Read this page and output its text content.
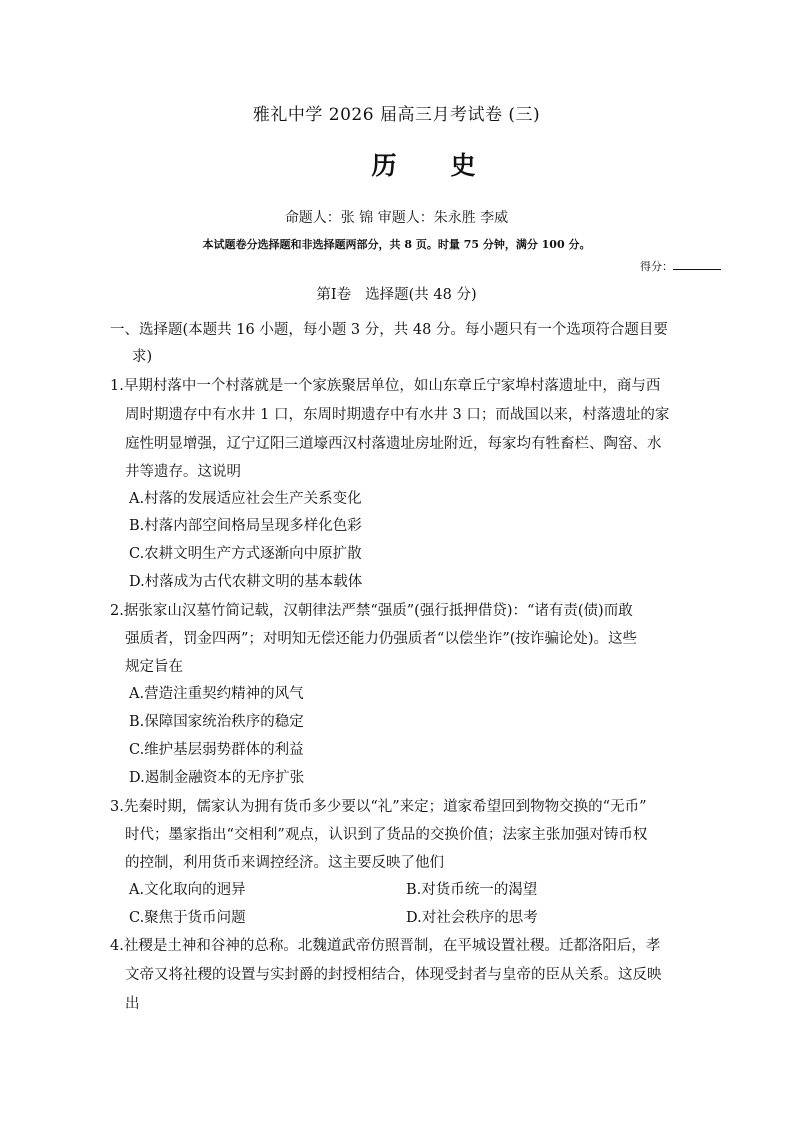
雅礼中学 2026 届高三月考试卷 (三)
历史
命题人：张 锦 审题人：朱永胜 李威
本试题卷分选择题和非选择题两部分，共 8 页。时量 75 分钟，满分 100 分。
得分：
第Ⅰ卷 选择题(共 48 分)
一、选择题(本题共 16 小题，每小题 3 分，共 48 分。每小题只有一个选项符合题目要
求)
1.早期村落中一个村落就是一个家族聚居单位，如山东章丘宁家埠村落遗址中，商与西
周时期遗存中有水井 1 口，东周时期遗存中有水井 3 口；而战国以来，村落遗址的家
庭性明显增强，辽宁辽阳三道壕西汉村落遗址房址附近，每家均有牲畜栏、陶窑、水
井等遗存。这说明
A.村落的发展适应社会生产关系变化
B.村落内部空间格局呈现多样化色彩
C.农耕文明生产方式逐渐向中原扩散
D.村落成为古代农耕文明的基本载体
2.据张家山汉墓竹简记载，汉朝律法严禁“强质”(强行抵押借贷)：“诸有责(债)而敢
强质者，罚金四两”；对明知无偿还能力仍强质者“以偿坐诈”(按诈骗论处)。这些
规定旨在
A.营造注重契约精神的风气
B.保障国家统治秩序的稳定
C.维护基层弱势群体的利益
D.遏制金融资本的无序扩张
3.先秦时期，儒家认为拥有货币多少要以“礼”来定；道家希望回到物物交换的“无币”
时代；墨家指出“交相利”观点，认识到了货品的交换价值；法家主张加强对铸币权
的控制，利用货币来调控经济。这主要反映了他们
A.文化取向的迥异	B.对货币统一的渴望
C.聚焦于货币问题	D.对社会秩序的思考
4.社稷是土神和谷神的总称。北魏道武帝仿照晋制，在平城设置社稷。迁都洛阳后，孝
文帝又将社稷的设置与实封爵的封授相结合，体现受封者与皇帝的臣从关系。这反映
出
